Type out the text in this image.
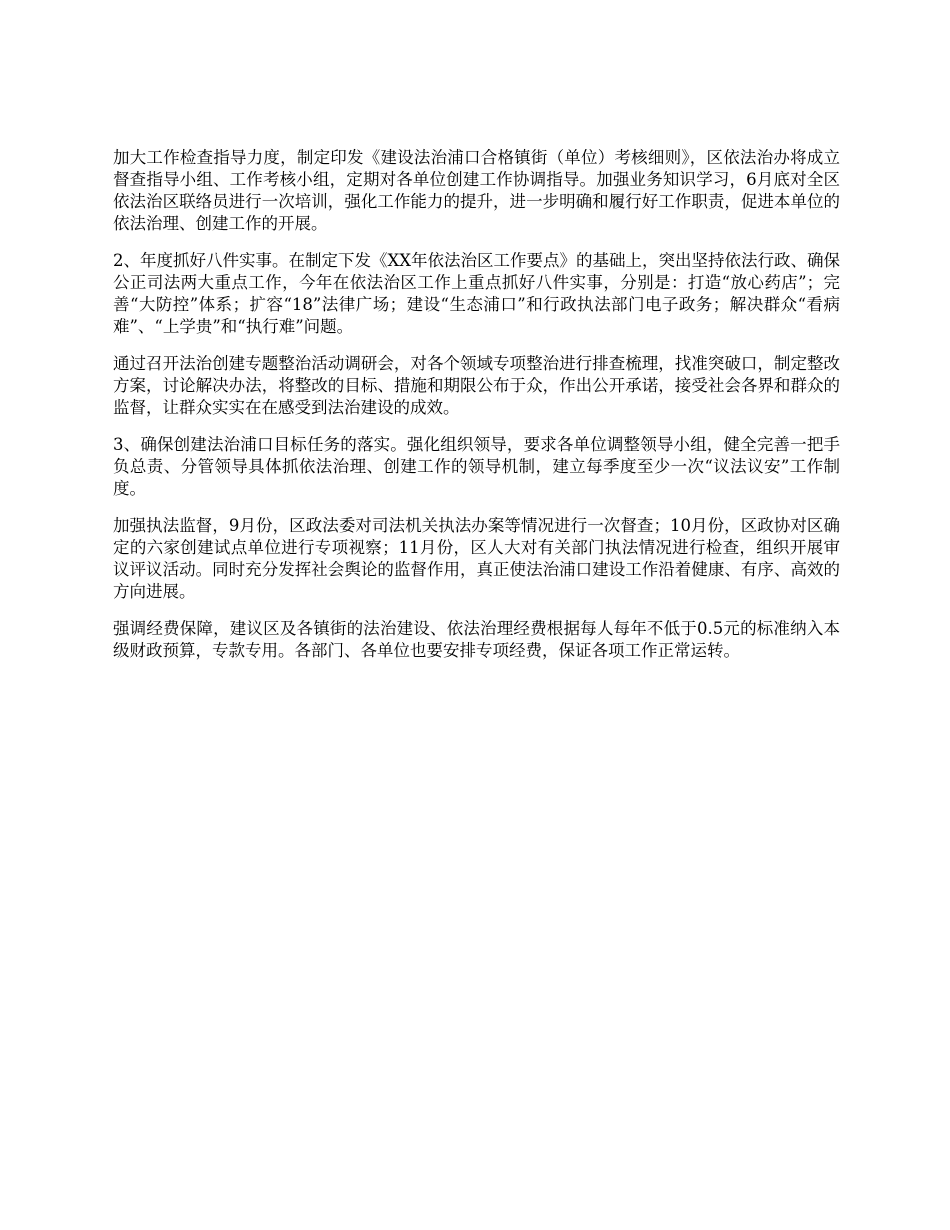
加大工作检查指导力度，制定印发《建设法治浦口合格镇街（单位）考核细则》，区依法治办将成立督查指导小组、工作考核小组，定期对各单位创建工作协调指导。加强业务知识学习，6月底对全区依法治区联络员进行一次培训，强化工作能力的提升，进一步明确和履行好工作职责，促进本单位的依法治理、创建工作的开展。

2、年度抓好八件实事。在制定下发《XX年依法治区工作要点》的基础上，突出坚持依法行政、确保公正司法两大重点工作，今年在依法治区工作上重点抓好八件实事，分别是：打造“放心药店”；完善“大防控”体系；扩容“18”法律广场；建设“生态浦口”和行政执法部门电子政务；解决群众“看病难”、“上学贵”和“执行难”问题。

通过召开法治创建专题整治活动调研会，对各个领域专项整治进行排查梳理，找准突破口，制定整改方案，讨论解决办法，将整改的目标、措施和期限公布于众，作出公开承诺，接受社会各界和群众的监督，让群众实实在在感受到法治建设的成效。

3、确保创建法治浦口目标任务的落实。强化组织领导，要求各单位调整领导小组，健全完善一把手负总责、分管领导具体抓依法治理、创建工作的领导机制，建立每季度至少一次“议法议安”工作制度。

加强执法监督，9月份，区政法委对司法机关执法办案等情况进行一次督查；10月份，区政协对区确定的六家创建试点单位进行专项视察；11月份，区人大对有关部门执法情况进行检查，组织开展审议评议活动。同时充分发挥社会舆论的监督作用，真正使法治浦口建设工作沿着健康、有序、高效的方向进展。

强调经费保障，建议区及各镇街的法治建设、依法治理经费根据每人每年不低于0.5元的标准纳入本级财政预算，专款专用。各部门、各单位也要安排专项经费，保证各项工作正常运转。
